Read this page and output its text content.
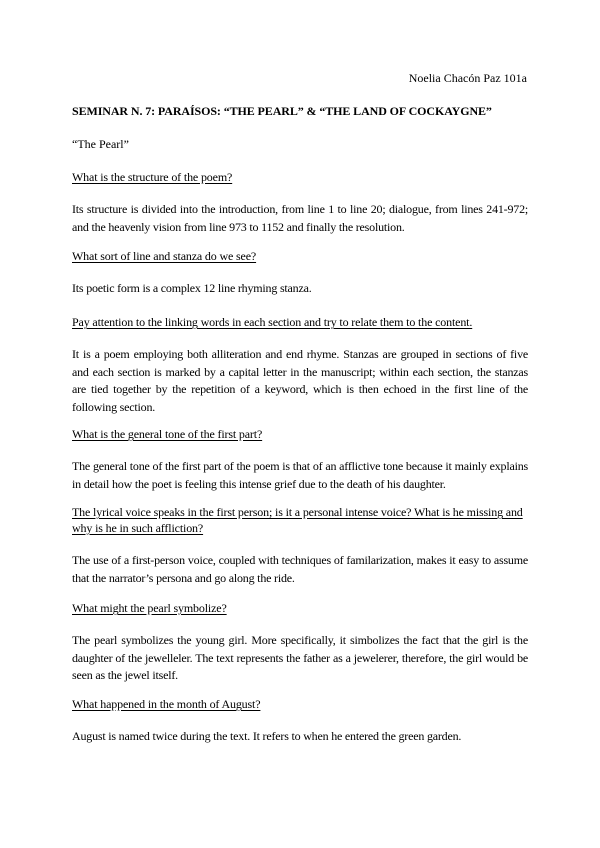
Noelia Chacón Paz 101a
SEMINAR N. 7: PARAÍSOS: “THE PEARL” & “THE LAND OF COCKAYGNE”
“The Pearl”
What is the structure of the poem?
Its structure is divided into the introduction, from line 1 to line 20; dialogue, from lines 241-972; and the heavenly vision from line 973 to 1152 and finally the resolution.
What sort of line and stanza do we see?
Its poetic form is a complex 12 line rhyming stanza.
Pay attention to the linking words in each section and try to relate them to the content.
It is a poem employing both alliteration and end rhyme. Stanzas are grouped in sections of five and each section is marked by a capital letter in the manuscript; within each section, the stanzas are tied together by the repetition of a keyword, which is then echoed in the first line of the following section.
What is the general tone of the first part?
The general tone of the first part of the poem is that of an afflictive tone because it mainly explains in detail how the poet is feeling this intense grief due to the death of his daughter.
The lyrical voice speaks in the first person; is it a personal intense voice? What is he missing and why is he in such affliction?
The use of a first-person voice, coupled with techniques of familarization, makes it easy to assume that the narrator’s persona and go along the ride.
What might the pearl symbolize?
The pearl symbolizes the young girl. More specifically, it simbolizes the fact that the girl is the daughter of the jewelleler. The text represents the father as a jewelerer, therefore, the girl would be seen as the jewel itself.
What happened in the month of August?
August is named twice during the text. It refers to when he entered the green garden.
